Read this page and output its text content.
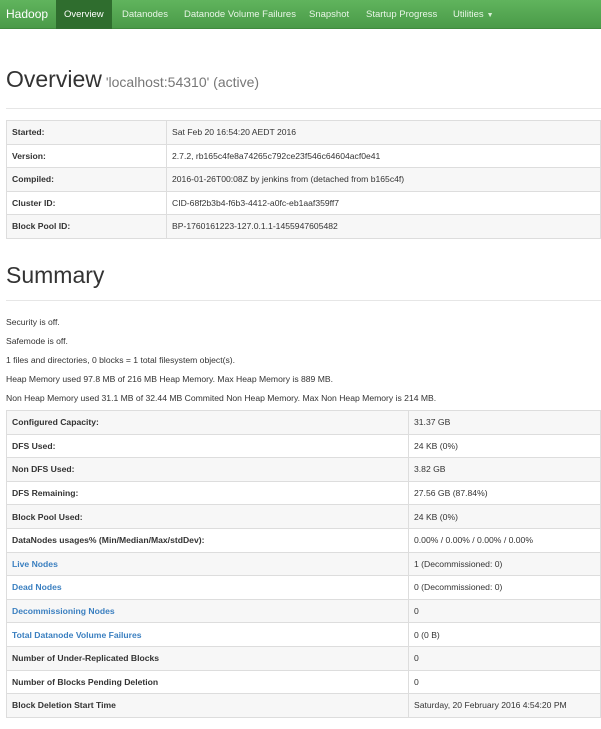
Hadoop	Overview	Datanodes	Datanode Volume Failures	Snapshot	Startup Progress	Utilities ▼
Overview 'localhost:54310' (active)
Started:	Sat Feb 20 16:54:20 AEDT 2016
Version:	2.7.2, rb165c4fe8a74265c792ce23f546c64604acf0e41
Compiled:	2016-01-26T00:08Z by jenkins from (detached from b165c4f)
Cluster ID:	CID-68f2b3b4-f6b3-4412-a0fc-eb1aaf359ff7
Block Pool ID:	BP-1760161223-127.0.1.1-1455947605482
Summary
Security is off.
Safemode is off.
1 files and directories, 0 blocks = 1 total filesystem object(s).
Heap Memory used 97.8 MB of 216 MB Heap Memory. Max Heap Memory is 889 MB.
Non Heap Memory used 31.1 MB of 32.44 MB Commited Non Heap Memory. Max Non Heap Memory is 214 MB.
Configured Capacity:	31.37 GB
DFS Used:	24 KB (0%)
Non DFS Used:	3.82 GB
DFS Remaining:	27.56 GB (87.84%)
Block Pool Used:	24 KB (0%)
DataNodes usages% (Min/Median/Max/stdDev):	0.00% / 0.00% / 0.00% / 0.00%
Live Nodes	1 (Decommissioned: 0)
Dead Nodes	0 (Decommissioned: 0)
Decommissioning Nodes	0
Total Datanode Volume Failures	0 (0 B)
Number of Under-Replicated Blocks	0
Number of Blocks Pending Deletion	0
Block Deletion Start Time	Saturday, 20 February 2016 4:54:20 PM
